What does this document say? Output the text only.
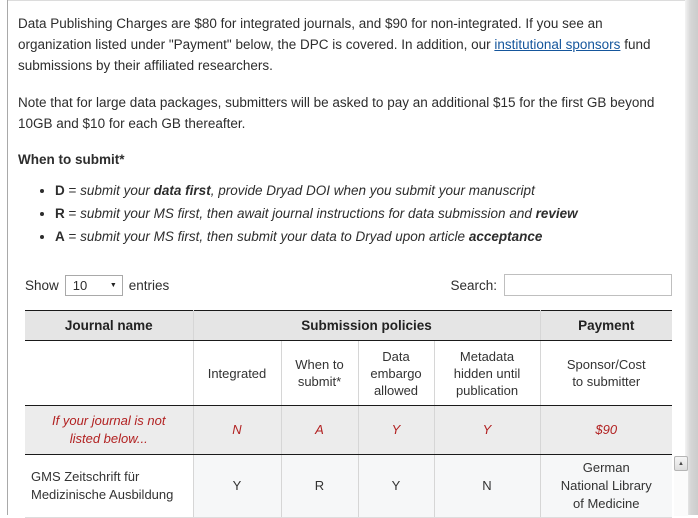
Data Publishing Charges are $80 for integrated journals, and $90 for non-integrated. If you see an organization listed under "Payment" below, the DPC is covered. In addition, our institutional sponsors fund submissions by their affiliated researchers.

Note that for large data packages, submitters will be asked to pay an additional $15 for the first GB beyond 10GB and $10 for each GB thereafter.

When to submit*

• D = submit your data first, provide Dryad DOI when you submit your manuscript
• R = submit your MS first, then await journal instructions for data submission and review
• A = submit your MS first, then submit your data to Dryad upon article acceptance
Show 10	▼ entries	Search:
Journal name	Submission policies				Payment
	Integrated	When to submit*	Data embargo allowed	Metadata hidden until publication	Sponsor/Cost to submitter
If your journal is not listed below...	N	A	Y	Y	$90
GMS Zeitschrift für Medizinische Ausbildung	Y	R	Y	N	German National Library of Medicine
▲
